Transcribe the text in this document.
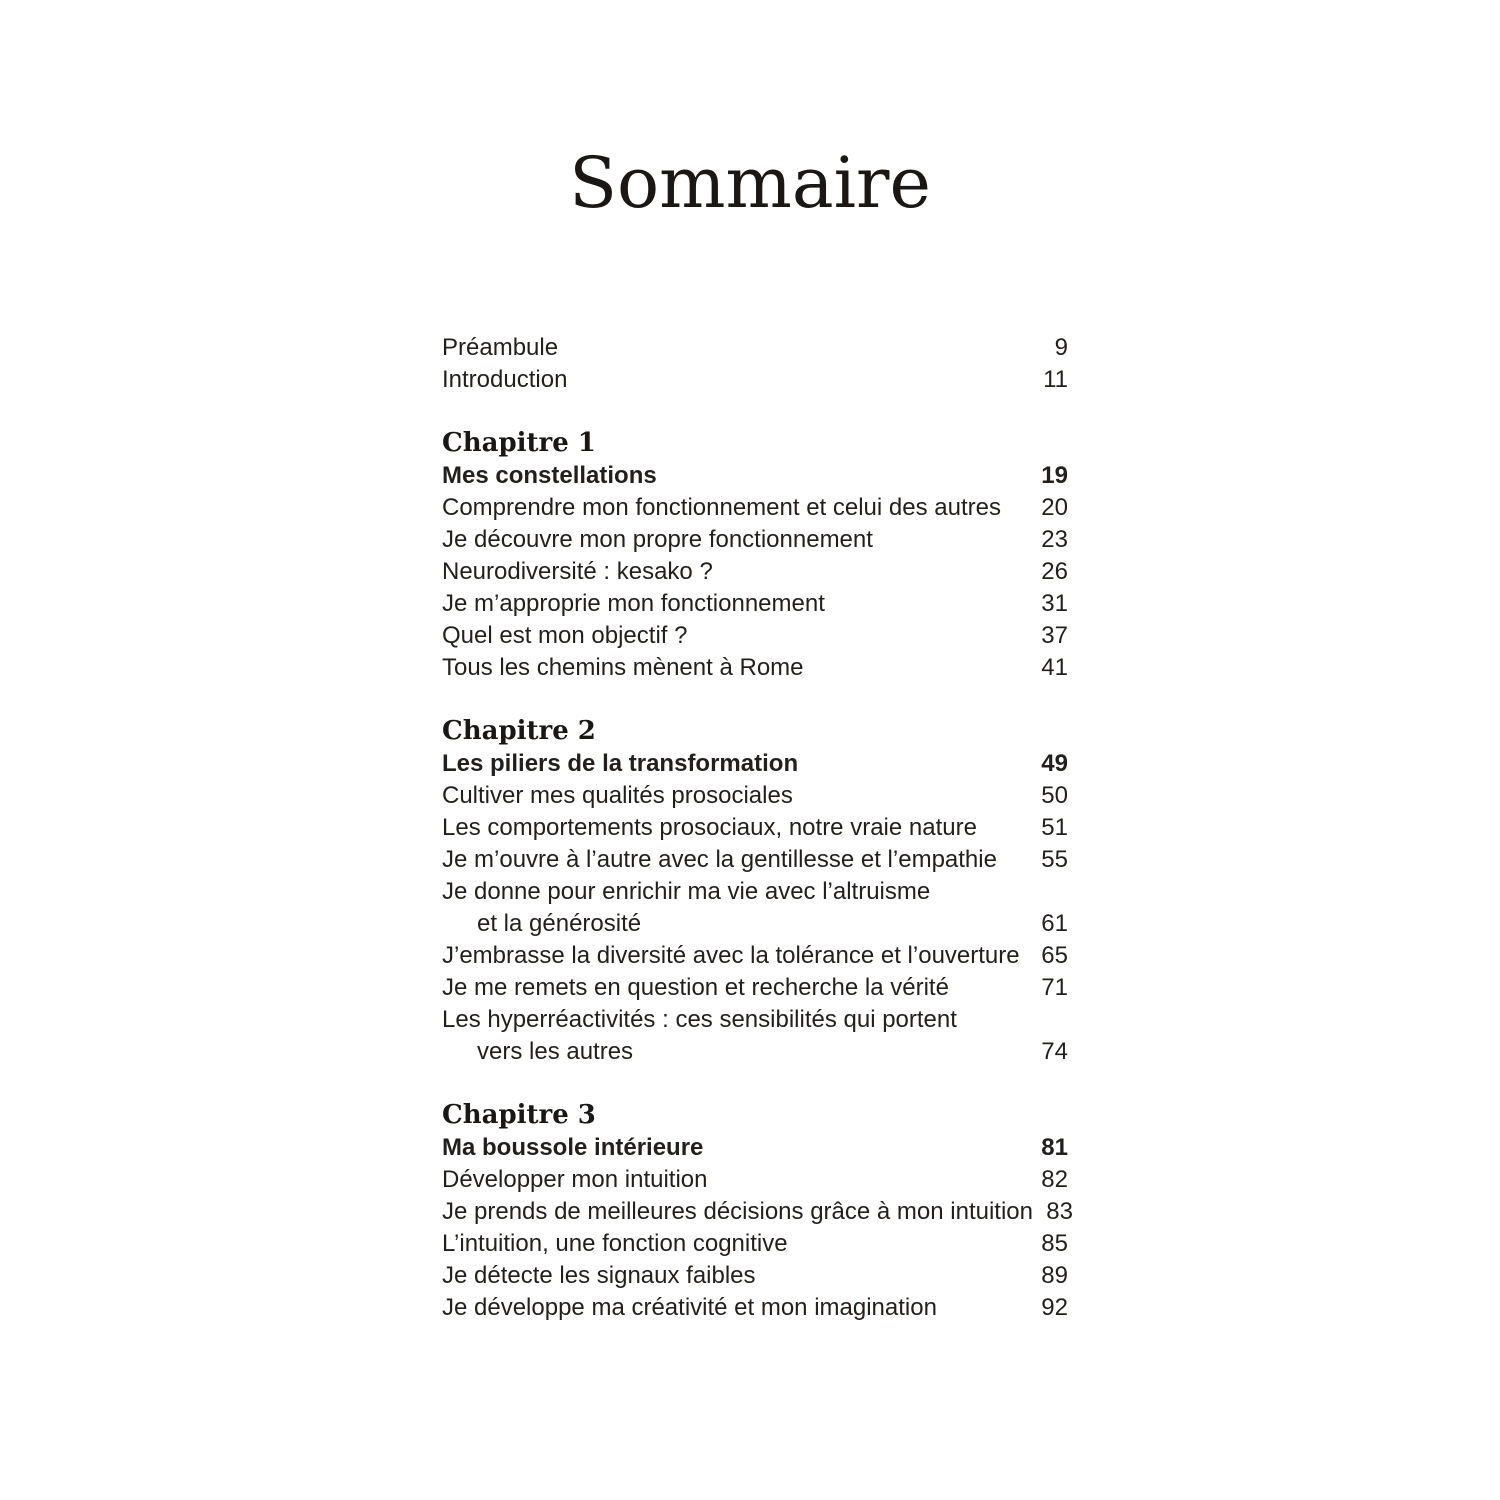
Sommaire
Préambule	9
Introduction	11
Chapitre 1
Mes constellations	19
Comprendre mon fonctionnement et celui des autres	20
Je découvre mon propre fonctionnement	23
Neurodiversité : kesako ?	26
Je m’approprie mon fonctionnement	31
Quel est mon objectif ?	37
Tous les chemins mènent à Rome	41
Chapitre 2
Les piliers de la transformation	49
Cultiver mes qualités prosociales	50
Les comportements prosociaux, notre vraie nature	51
Je m’ouvre à l’autre avec la gentillesse et l’empathie	55
Je donne pour enrichir ma vie avec l’altruisme
et la générosité	61
J’embrasse la diversité avec la tolérance et l’ouverture 65
Je me remets en question et recherche la vérité	71
Les hyperréactivités : ces sensibilités qui portent
vers les autres	74
Chapitre 3
Ma boussole intérieure	81
Développer mon intuition	82
Je prends de meilleures décisions grâce à mon intuition 83
L’intuition, une fonction cognitive	85
Je détecte les signaux faibles	89
Je développe ma créativité et mon imagination	92
